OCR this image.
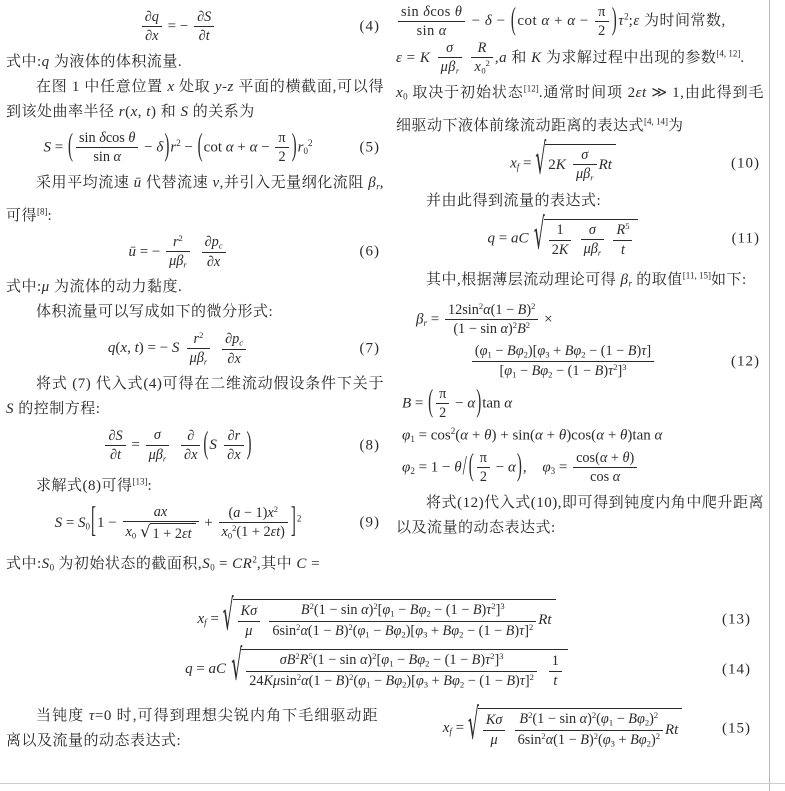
$\frac{\partial q}{\partial x}$ = − $\frac{\partial S}{\partial t}$	(4)
式中:q 为液体的体积流量.
在图 1 中任意位置 x 处取 y-z 平面的横截面,可以得到该处曲率半径 r(x, t) 和 S 的关系为
S = ( $\frac{\text{sin δcos θ}}{\text{sin α}} - \delta)r^2 - (\cot$ $\alpha + \alpha - \frac{\pi}{2} )r0^2$	(5)
采用平均流速 ū 代替流速 v,并引入无量纲化流阻 βr,可得[8]:
ū = − $\frac{r^2}{\text{μβr}} \frac{\partial pc}{\partial x}$	(6)
式中:μ 为流体的动力黏度.
体积流量可以写成如下的微分形式:
q(x, t) = − S $\frac{r^2}{\text{μβr}} \frac{\partial pc}{\partial x}$	(7)
将式 (7) 代入式(4)可得在二维流动假设条件下关于 S 的控制方程:
$\frac{\partial S}{\partial t} = \frac{\sigma}{\text{μβr}} \frac{\partial}{\partial x} (S \frac{\partial r}{\partial x}$ )	(8)
求解式(8)可得[13]:
$S = S0[1 - \frac{ax}{x0 √ 1 + 2\varepsilon t} + \frac{(a - 1)x^2}{x0^2(1 + 2\varepsilon t)} ]^2$	(9)
式中:S0 为初始状态的截面积$,S0 = CR^2$,其中 C =
$\frac{\text{sin δcos θ}}{\text{sin α}} - \delta - (\cot$ $\alpha + \alpha - \frac{\pi}{2}$ )$\tau^2;\varepsilon$ 为时间常数,
ε = K $\frac{\sigma}{\text{μβr}} \frac{R}{x0^2} ,a$ 和 K 为求解过程中出现的参数[4, 12].
x0 取决于初始状态[12].通常时间项 2εt ≫ 1,由此得到毛细驱动下液体前缘流动距离的表达式[4, 14]为
xf = √ $2K \frac{\sigma}{\text{μβr}}$ Rt	(10)
并由此得到流量的表达式:
q = aC √ $\frac{1}{2K} \frac{\sigma}{\text{μβr}} \frac{R^5}{t}$	(11)
其中,根据薄层流动理论可得 βr 的取值[11, 15]如下:
$\beta r = \frac{12\sin^2\alpha(1 - B)^2}{(1 - \sin \alpha)^2B^2}$ ×
$\frac{(\varphi 1 - B\varphi 2)[\varphi 3 + B\varphi 2 - (1 - B)\tau]}{[\varphi 1 - B\varphi 2 - (1 - B)\tau^2]^3}$	(12)
B = ( $\frac{\pi}{2} - \alpha)\tan$ α
$\varphi 1 = \cos^2(\alpha + \theta) + \sin(\alpha + \theta)\cos(\alpha + \theta)\tan$ α
φ2 = 1 − θ/ ( $\frac{\pi}{2} - \alpha$), $\varphi 3 = \frac{\cos(\alpha + \theta)}{\text{cos α}}$
将式(12)代入式(10),即可得到钝度内角中爬升距离以及流量的动态表达式:
xf = √ $\frac{K\sigma}{\mu} \frac{B^2(1 - \sin \alpha)^2[\varphi 1 - B\varphi 2 - (1 - B)\tau^2]^3}{6\sin^2\alpha(1 - B)^2(\varphi 1 - B\varphi 2)[\varphi 3 + B\varphi 2 - (1 - B)\tau]^2}$ Rt	(13)
q = aC √ $\frac{\sigma B^2R^5(1 - \sin \alpha)^2[\varphi 1 - B\varphi 2 - (1 - B)\tau^2]^3}{24K\mu\sin^2\alpha(1 - B)^2(\varphi 1 - B\varphi 2)[\varphi 3 + B\varphi 2 - (1 - B)\tau]^2} \frac{1}{t}$	(14)
当钝度 τ=0 时,可得到理想尖锐内角下毛细驱动距离以及流量的动态表达式:
xf = √ $\frac{K\sigma}{\mu} \frac{B^2(1 - \sin \alpha)^2(\varphi 1 - B\varphi 2)^2}{6\sin^2\alpha(1 - B)^2(\varphi 3 + B\varphi 2)^2}$ Rt	(15)
